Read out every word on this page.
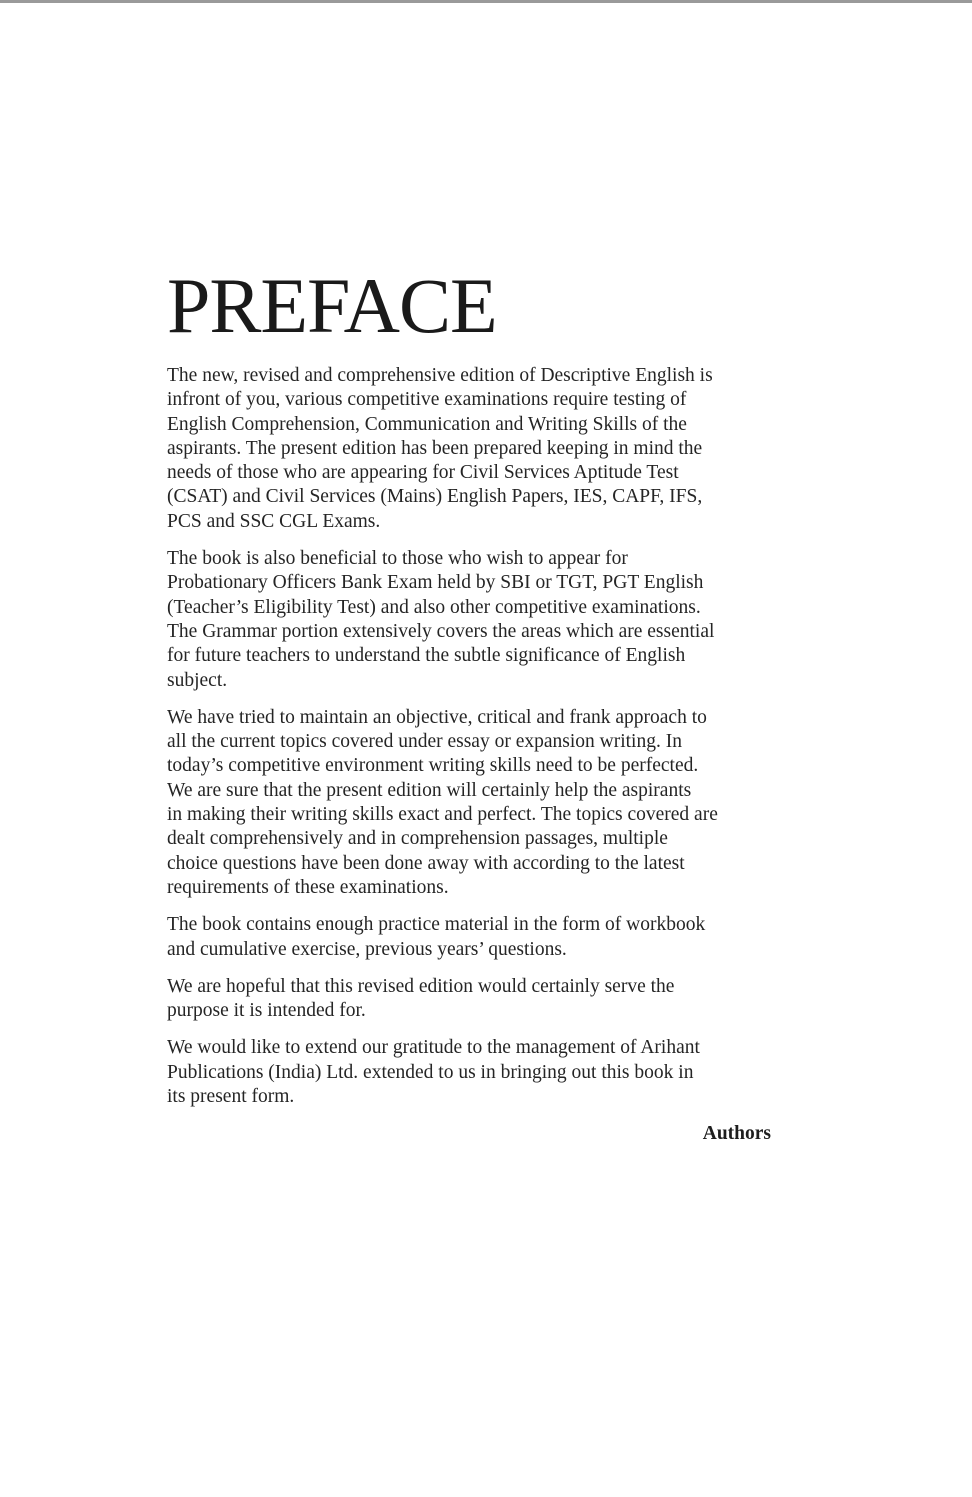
PREFACE

The new, revised and comprehensive edition of Descriptive English is
infront of you, various competitive examinations require testing of
English Comprehension, Communication and Writing Skills of the
aspirants. The present edition has been prepared keeping in mind the
needs of those who are appearing for Civil Services Aptitude Test
(CSAT) and Civil Services (Mains) English Papers, IES, CAPF, IFS,
PCS and SSC CGL Exams.

The book is also beneficial to those who wish to appear for
Probationary Officers Bank Exam held by SBI or TGT, PGT English
(Teacher’s Eligibility Test) and also other competitive examinations.
The Grammar portion extensively covers the areas which are essential
for future teachers to understand the subtle significance of English
subject.

We have tried to maintain an objective, critical and frank approach to
all the current topics covered under essay or expansion writing. In
today’s competitive environment writing skills need to be perfected.
We are sure that the present edition will certainly help the aspirants
in making their writing skills exact and perfect. The topics covered are
dealt comprehensively and in comprehension passages, multiple
choice questions have been done away with according to the latest
requirements of these examinations.

The book contains enough practice material in the form of workbook
and cumulative exercise, previous years’ questions.

We are hopeful that this revised edition would certainly serve the
purpose it is intended for.

We would like to extend our gratitude to the management of Arihant
Publications (India) Ltd. extended to us in bringing out this book in
its present form.

Authors
